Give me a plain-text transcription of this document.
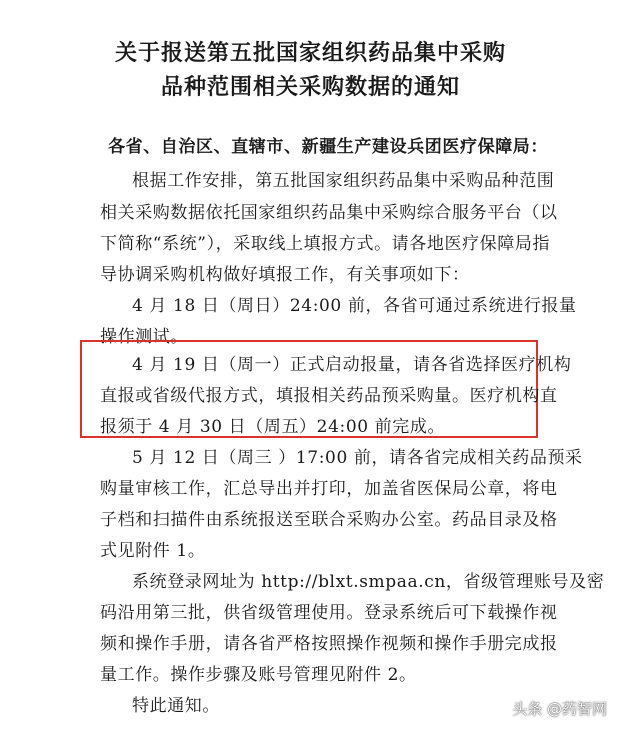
关于报送第五批国家组织药品集中采购
品种范围相关采购数据的通知
各省、自治区、直辖市、新疆生产建设兵团医疗保障局：
根据工作安排，第五批国家组织药品集中采购品种范围
相关采购数据依托国家组织药品集中采购综合服务平台（以
下简称“系统”），采取线上填报方式。请各地医疗保障局指
导协调采购机构做好填报工作，有关事项如下：
4 月 18 日（周日）24:00 前，各省可通过系统进行报量
操作测试。
4 月 19 日（周一）正式启动报量，请各省选择医疗机构
直报或省级代报方式，填报相关药品预采购量。医疗机构直
报须于 4 月 30 日（周五）24:00 前完成。
5 月 12 日（周三 ）17:00 前，请各省完成相关药品预采
购量审核工作，汇总导出并打印，加盖省医保局公章，将电
子档和扫描件由系统报送至联合采购办公室。药品目录及格
式见附件 1。
系统登录网址为 http://blxt.smpaa.cn，省级管理账号及密
码沿用第三批，供省级管理使用。登录系统后可下载操作视
频和操作手册，请各省严格按照操作视频和操作手册完成报
量工作。操作步骤及账号管理见附件 2。
特此通知。	头条 @药智网
